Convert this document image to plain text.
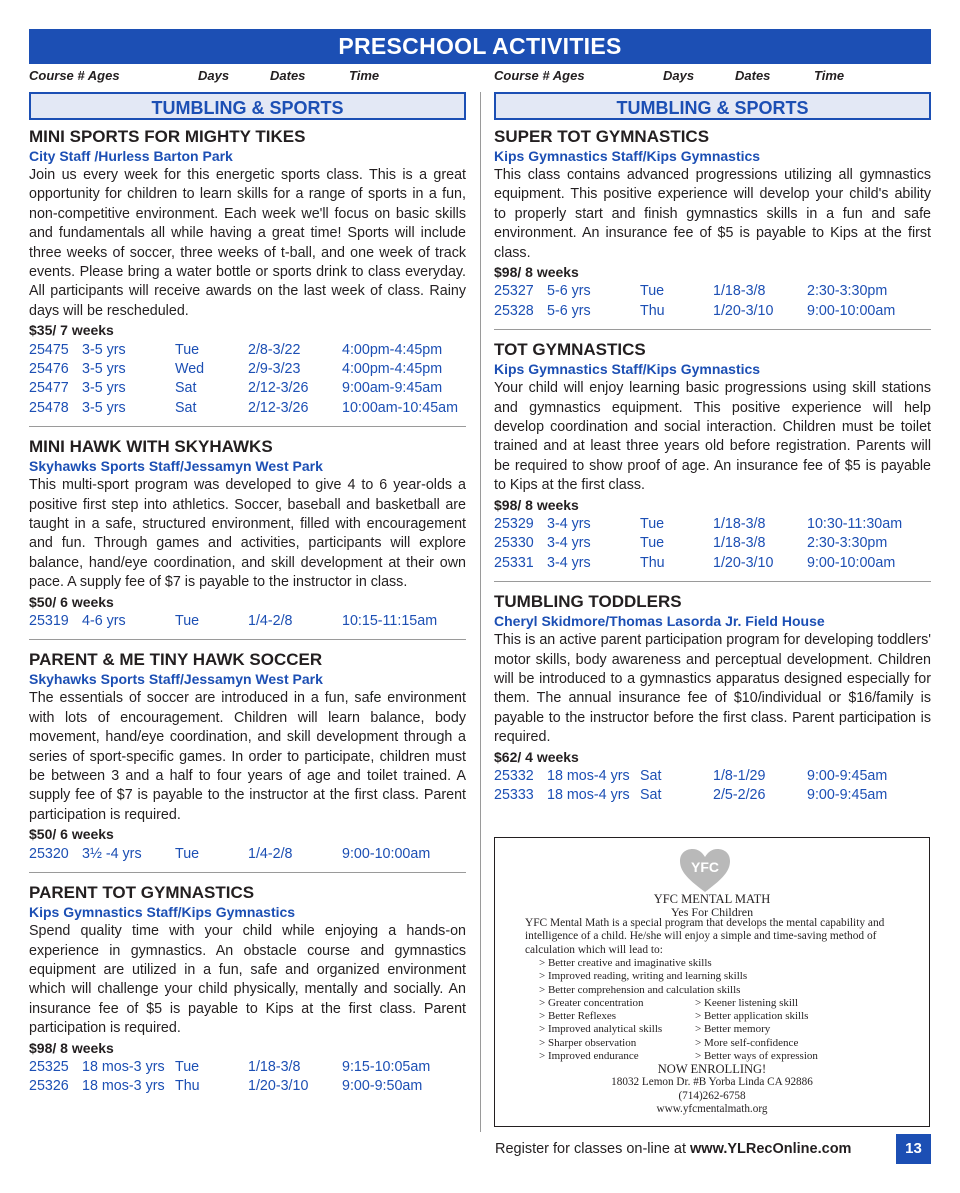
PRESCHOOL ACTIVITIES
Course # Ages	Days	Dates	Time	Course # Ages	Days	Dates	Time
TUMBLING & SPORTS
MINI SPORTS FOR MIGHTY TIKES
City Staff /Hurless Barton Park
Join us every week for this energetic sports class. This is a great opportunity for children to learn skills for a range of sports in a fun, non-competitive environment. Each week we'll focus on basic skills and fundamentals all while having a great time! Sports will include three weeks of soccer, three weeks of t-ball, and one week of track events. Please bring a water bottle or sports drink to class everyday. All participants will receive awards on the last week of class. Rainy days will be rescheduled.
$35/ 7 weeks
25475 3-5 yrs	Tue	2/8-3/22	4:00pm-4:45pm
25476 3-5 yrs	Wed	2/9-3/23	4:00pm-4:45pm
25477 3-5 yrs	Sat	2/12-3/26 9:00am-9:45am
25478 3-5 yrs	Sat	2/12-3/26 10:00am-10:45am
MINI HAWK WITH SKYHAWKS
Skyhawks Sports Staff/Jessamyn West Park
This multi-sport program was developed to give 4 to 6 year-olds a positive first step into athletics. Soccer, baseball and basketball are taught in a safe, structured environment, filled with encouragement and fun. Through games and activities, participants will explore balance, hand/eye coordination, and skill development at their own pace. A supply fee of $7 is payable to the instructor in class.
$50/ 6 weeks
25319 4-6 yrs	Tue	1/4-2/8	10:15-11:15am
PARENT & ME TINY HAWK SOCCER
Skyhawks Sports Staff/Jessamyn West Park
The essentials of soccer are introduced in a fun, safe environment with lots of encouragement. Children will learn balance, body movement, hand/eye coordination, and skill development through a series of sport-specific games. In order to participate, children must be between 3 and a half to four years of age and toilet trained. A supply fee of $7 is payable to the instructor at the first class. Parent participation is required.
$50/ 6 weeks
25320 3½ -4 yrs Tue	1/4-2/8	9:00-10:00am
PARENT TOT GYMNASTICS
Kips Gymnastics Staff/Kips Gymnastics
Spend quality time with your child while enjoying a hands-on experience in gymnastics. An obstacle course and gymnastics equipment are utilized in a fun, safe and organized environment which will challenge your child physically, mentally and socially. An insurance fee of $5 is payable to Kips at the first class. Parent participation is required.
$98/ 8 weeks
25325 18 mos-3 yrs Tue	1/18-3/8	9:15-10:05am
25326 18 mos-3 yrs Thu	1/20-3/10 9:00-9:50am
TUMBLING & SPORTS
SUPER TOT GYMNASTICS
Kips Gymnastics Staff/Kips Gymnastics
This class contains advanced progressions utilizing all gymnastics equipment. This positive experience will develop your child's ability to properly start and finish gymnastics skills in a fun and safe environment. An insurance fee of $5 is payable to Kips at the first class.
$98/ 8 weeks
25327 5-6 yrs	Tue	1/18-3/8	2:30-3:30pm
25328 5-6 yrs	Thu	1/20-3/10 9:00-10:00am
TOT GYMNASTICS
Kips Gymnastics Staff/Kips Gymnastics
Your child will enjoy learning basic progressions using skill stations and gymnastics equipment. This positive experience will help develop coordination and social interaction. Children must be toilet trained and at least three years old before registration. Parents will be required to show proof of age. An insurance fee of $5 is payable to Kips at the first class.
$98/ 8 weeks
25329 3-4 yrs	Tue	1/18-3/8	10:30-11:30am
25330 3-4 yrs	Tue	1/18-3/8	2:30-3:30pm
25331 3-4 yrs	Thu	1/20-3/10 9:00-10:00am
TUMBLING TODDLERS
Cheryl Skidmore/Thomas Lasorda Jr. Field House
This is an active parent participation program for developing toddlers' motor skills, body awareness and perceptual development. Children will be introduced to a gymnastics apparatus designed especially for them. The annual insurance fee of $10/individual or $16/family is payable to the instructor before the first class. Parent participation is required.
$62/ 4 weeks
25332 18 mos-4 yrs Sat	1/8-1/29	9:00-9:45am
25333 18 mos-4 yrs Sat	2/5-2/26	9:00-9:45am
YFC
YFC MENTAL MATH
Yes For Children
YFC Mental Math is a special program that develops the mental capability and intelligence of a child. He/she will enjoy a simple and time-saving method of calculation which will lead to:
> Better creative and imaginative skills
> Improved reading, writing and learning skills
> Better comprehension and calculation skills
> Greater concentration	> Keener listening skill
> Better Reflexes	> Better application skills
> Improved analytical skills	> Better memory
> Sharper observation	> More self-confidence
> Improved endurance	> Better ways of expression
NOW ENROLLING!
18032 Lemon Dr. #B Yorba Linda CA 92886
(714)262-6758
www.yfcmentalmath.org
Register for classes on-line at www.YLRecOnline.com	13
